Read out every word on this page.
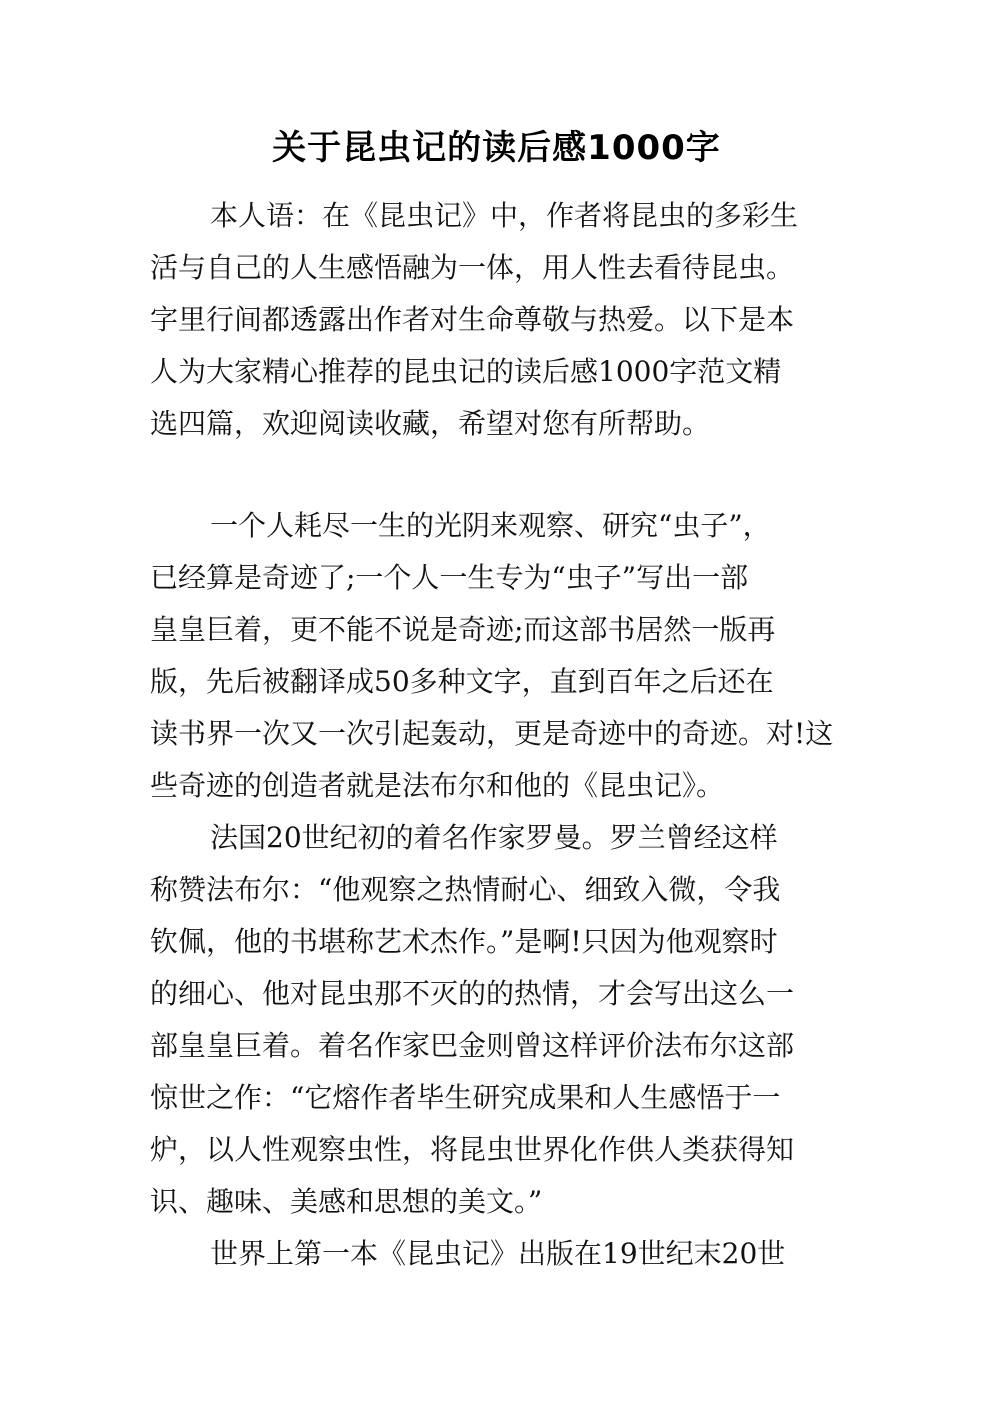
关于昆虫记的读后感1000字
本人语：在《昆虫记》中，作者将昆虫的多彩生
活与自己的人生感悟融为一体，用人性去看待昆虫。
字里行间都透露出作者对生命尊敬与热爱。以下是本
人为大家精心推荐的昆虫记的读后感1000字范文精
选四篇，欢迎阅读收藏，希望对您有所帮助。
一个人耗尽一生的光阴来观察、研究“虫子”，
已经算是奇迹了;一个人一生专为“虫子”写出一部
皇皇巨着，更不能不说是奇迹;而这部书居然一版再
版，先后被翻译成50多种文字，直到百年之后还在
读书界一次又一次引起轰动，更是奇迹中的奇迹。对!这
些奇迹的创造者就是法布尔和他的《昆虫记》。
法国20世纪初的着名作家罗曼。罗兰曾经这样
称赞法布尔：“他观察之热情耐心、细致入微，令我
钦佩，他的书堪称艺术杰作。”是啊!只因为他观察时
的细心、他对昆虫那不灭的的热情，才会写出这么一
部皇皇巨着。着名作家巴金则曾这样评价法布尔这部
惊世之作：“它熔作者毕生研究成果和人生感悟于一
炉，以人性观察虫性，将昆虫世界化作供人类获得知
识、趣味、美感和思想的美文。”
世界上第一本《昆虫记》出版在19世纪末20世
